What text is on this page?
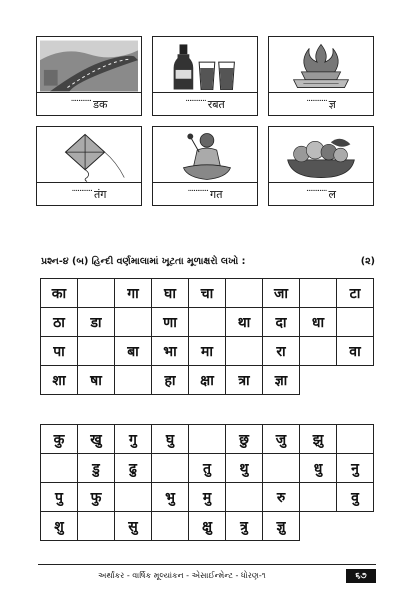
........... डक	........... रबत	........... ज्ञ
........... तंग	........... गत	........... ल
પ્રશ્ન-૪ (બ) હિન્દી વર્ણમાલામાં ખૂટતા મૂળાક્ષરો લખો :	(૨)
का		गा	घा	चा		जा		टा
ठा	डा		णा		था	दा	धा	
पा		बा	भा	मा		रा		वा
शा	षा		हा	क्षा	त्रा	ज्ञा		
कु	खु	गु	घु		छु	जु	झु	
	डु	ढु		तु	थु		धु	नु
पु	फु		भु	मु		रु		वु
शु		सु		क्षु	त्रु	ज्ञु		
અર્થાંકર - વાર્ષિક મૂલ્યાંકન - એસાઈન્મેન્ટ - ધોરણ-૧	૬૭
